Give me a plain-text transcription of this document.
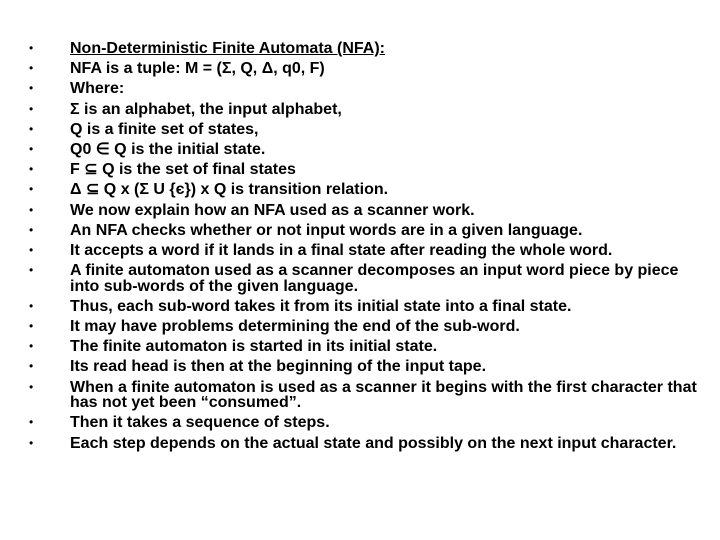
• Non-Deterministic Finite Automata (NFA):
• NFA is a tuple: M = (Σ, Q, Δ, q0, F)
• Where:
• Σ is an alphabet, the input alphabet,
• Q is a finite set of states,
• Q0 ∈ Q is the initial state.
• F ⊆ Q is the set of final states
• Δ ⊆ Q x (Σ U {є}) x Q is transition relation.
• We now explain how an NFA used as a scanner work.
• An NFA checks whether or not input words are in a given language.
• It accepts a word if it lands in a final state after reading the whole word.
• A finite automaton used as a scanner decomposes an input word piece by piece into sub-words of the given language.
• Thus, each sub-word takes it from its initial state into a final state.
• It may have problems determining the end of the sub-word.
• The finite automaton is started in its initial state.
• Its read head is then at the beginning of the input tape.
• When a finite automaton is used as a scanner it begins with the first character that has not yet been “consumed”.
• Then it takes a sequence of steps.
• Each step depends on the actual state and possibly on the next input character.
